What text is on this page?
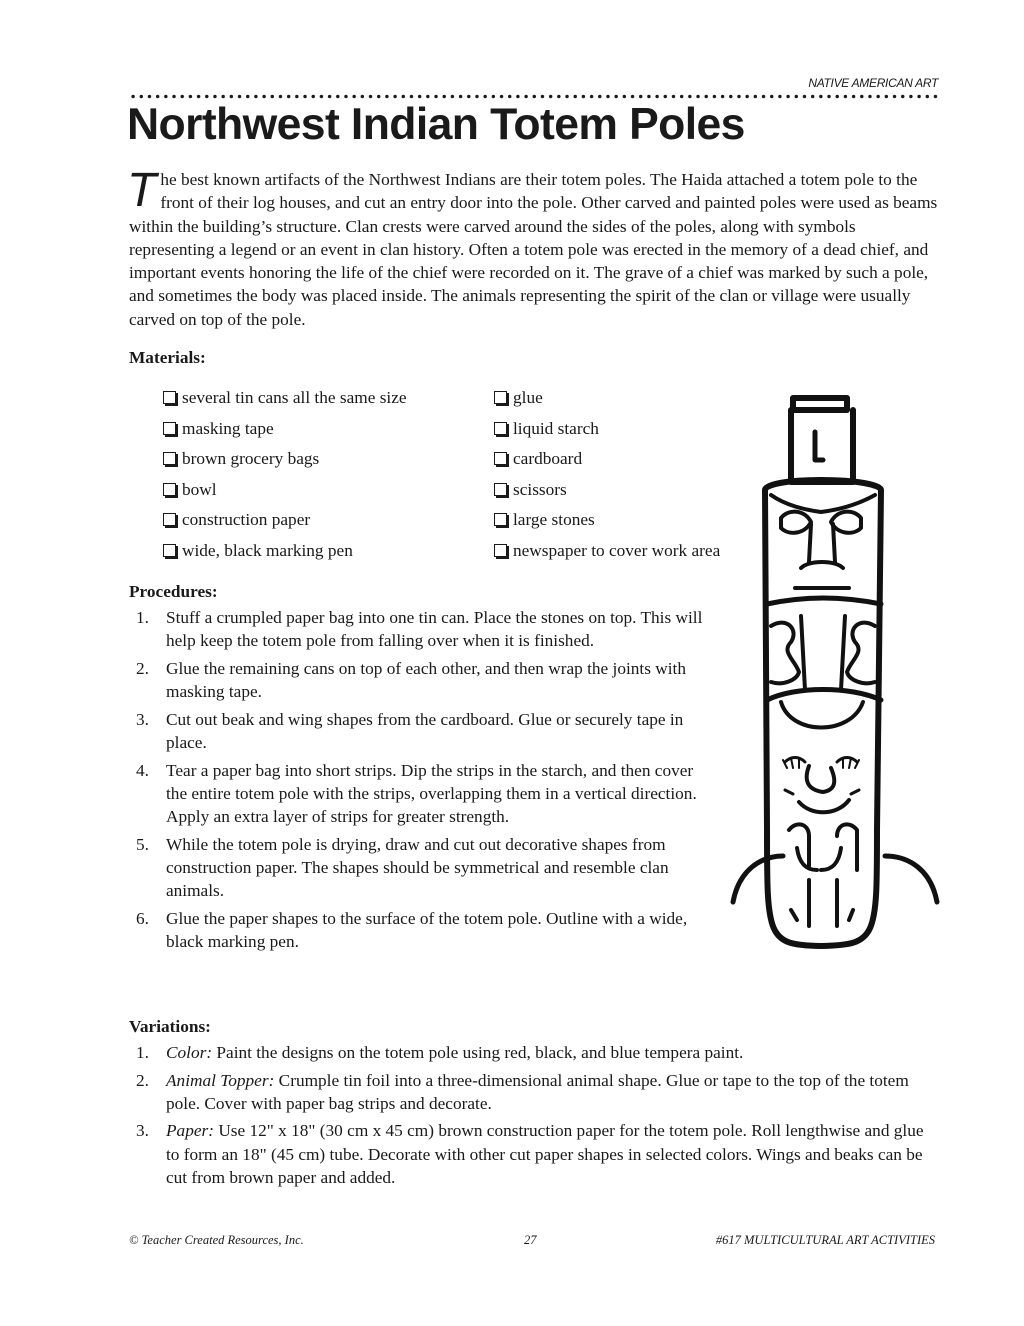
NATIVE AMERICAN ART
Northwest Indian Totem Poles

The best known artifacts of the Northwest Indians are their totem poles. The Haida attached a totem pole to the front of their log houses, and cut an entry door into the pole. Other carved and painted poles were used as beams within the building’s structure. Clan crests were carved around the sides of the poles, along with symbols representing a legend or an event in clan history. Often a totem pole was erected in the memory of a dead chief, and important events honoring the life of the chief were recorded on it. The grave of a chief was marked by such a pole, and sometimes the body was placed inside. The animals representing the spirit of the clan or village were usually carved on top of the pole.

Materials:
several tin cans all the same size
masking tape
brown grocery bags
bowl
construction paper
wide, black marking pen
glue
liquid starch
cardboard
scissors
large stones
newspaper to cover work area
Procedures:
1. Stuff a crumpled paper bag into one tin can. Place the stones on top. This will help keep the totem pole from falling over when it is finished.
2. Glue the remaining cans on top of each other, and then wrap the joints with masking tape.
3. Cut out beak and wing shapes from the cardboard. Glue or securely tape in place.
4. Tear a paper bag into short strips. Dip the strips in the starch, and then cover the entire totem pole with the strips, overlapping them in a vertical direction. Apply an extra layer of strips for greater strength.
5. While the totem pole is drying, draw and cut out decorative shapes from construction paper. The shapes should be symmetrical and resemble clan animals.
6. Glue the paper shapes to the surface of the totem pole. Outline with a wide, black marking pen.
Variations:
1. Color: Paint the designs on the totem pole using red, black, and blue tempera paint.
2. Animal Topper: Crumple tin foil into a three-dimensional animal shape. Glue or tape to the top of the totem pole. Cover with paper bag strips and decorate.
3. Paper: Use 12" x 18" (30 cm x 45 cm) brown construction paper for the totem pole. Roll lengthwise and glue to form an 18" (45 cm) tube. Decorate with other cut paper shapes in selected colors. Wings and beaks can be cut from brown paper and added.
© Teacher Created Resources, Inc.	27	#617 MULTICULTURAL ART ACTIVITIES
